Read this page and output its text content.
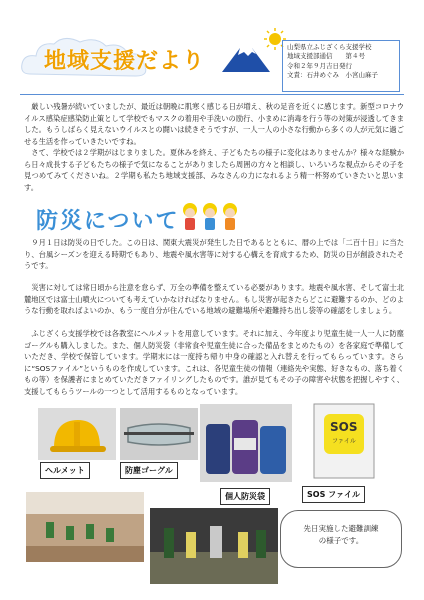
地域支援だより
山梨県立ふじざくら支援学校
地域支援部通信　　第４号
令和２年９月吉日発行
文責：石井めぐみ　小宮山麻子

　厳しい残暑が続いていましたが、最近は朝晩に肌寒く感じる日が増え、秋の足音を近くに感じます。新型コロナウイルス感染症感染防止策として学校でもマスクの着用や手洗いの励行、小まめに消毒を行う等の対策が浸透してきました。もうしばらく見えないウイルスとの闘いは続きそうですが、一人一人の小さな行動から多くの人が元気に過ごせる生活を作っていきたいですね。

　さて、学校では２学期がはじまりました。夏休みを終え、子どもたちの様子に変化はありませんか？様々な経験から日々成長する子どもたちの様子で気になることがありましたら周囲の方々と相談し、いろいろな視点からその子を見つめてみてくださいね。２学期も私たち地域支援部、みなさんの力になれるよう精一杯努めていきたいと思います。

防災について

　９月１日は防災の日でした。この日は、関東大震災が発生した日であるとともに、暦の上では「二百十日」に当たり、台風シーズンを迎える時期でもあり、地震や風水害等に対する心構えを育成するため、防災の日が創設されたそうです。

　災害に対しては常日頃から注意を怠らず、万全の準備を整えている必要があります。地震や風水害、そして富士北麓地区では富士山噴火についても考えていかなければなりません。もし災害が起きたらどこに避難するのか、どのような行動を取ればよいのか、もう一度自分が住んでいる地域の避難場所や避難持ち出し袋等の確認をしましょう。

　ふじざくら支援学校では各教室にヘルメットを用意しています。それに加え、今年度より児童生徒一人一人に防塵ゴーグルも購入しました。また、個人防災袋（非常食や児童生徒に合った備品をまとめたもの）を各家庭で準備していただき、学校で保管しています。学期末には一度持ち帰り中身の確認と入れ替えを行ってもらっています。さらに“SOSファイル”というものを作成しています。これは、各児童生徒の情報（連絡先や実態、好きなもの、落ち着くもの等）を保護者にまとめていただきファイリングしたものです。誰が見てもその子の障害や状態を把握しやすく、支援してもらうツールの一つとして活用するものとなっています。

ヘルメット	防塵ゴーグル
個人防災袋
SOS
ファイル
SOS ファイル
先日実施した避難訓練
の様子です。
